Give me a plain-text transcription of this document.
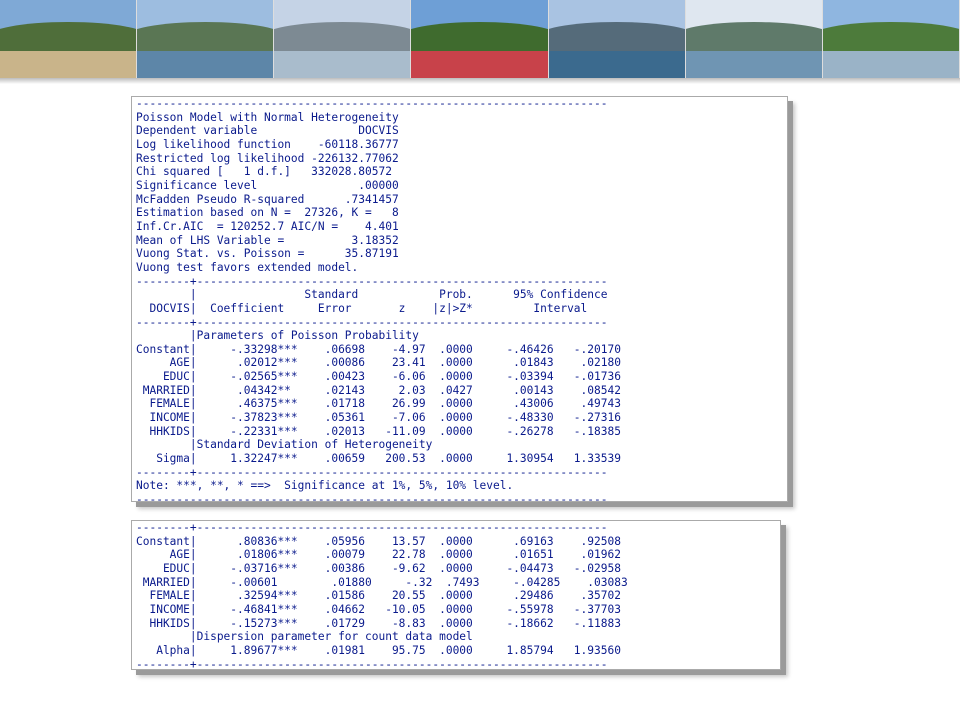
----------------------------------------------------------------------
Poisson Model with Normal Heterogeneity
Dependent variable               DOCVIS
Log likelihood function    -60118.36777
Restricted log likelihood -226132.77062
Chi squared [   1 d.f.]   332028.80572
Significance level               .00000
McFadden Pseudo R-squared      .7341457
Estimation based on N =  27326, K =   8
Inf.Cr.AIC  = 120252.7 AIC/N =    4.401
Mean of LHS Variable =          3.18352
Vuong Stat. vs. Poisson =      35.87191
Vuong test favors extended model.
--------+-------------------------------------------------------------
|                Standard            Prob.      95% Confidence
DOCVIS|  Coefficient     Error       z    |z|>Z*         Interval
--------+-------------------------------------------------------------
|Parameters of Poisson Probability
Constant|     -.33298***    .06698    -4.97  .0000     -.46426   -.20170
AGE|      .02012***    .00086    23.41  .0000      .01843    .02180
EDUC|     -.02565***    .00423    -6.06  .0000     -.03394   -.01736
MARRIED|      .04342**     .02143     2.03  .0427      .00143    .08542
FEMALE|      .46375***    .01718    26.99  .0000      .43006    .49743
INCOME|     -.37823***    .05361    -7.06  .0000     -.48330   -.27316
HHKIDS|     -.22331***    .02013   -11.09  .0000     -.26278   -.18385
|Standard Deviation of Heterogeneity
Sigma|     1.32247***    .00659   200.53  .0000     1.30954   1.33539
--------+-------------------------------------------------------------
Note: ***, **, * ==>  Significance at 1%, 5%, 10% level.
----------------------------------------------------------------------
--------+-------------------------------------------------------------
Constant|      .80836***    .05956    13.57  .0000      .69163    .92508
AGE|      .01806***    .00079    22.78  .0000      .01651    .01962
EDUC|     -.03716***    .00386    -9.62  .0000     -.04473   -.02958
MARRIED|     -.00601        .01880     -.32  .7493     -.04285    .03083
FEMALE|      .32594***    .01586    20.55  .0000      .29486    .35702
INCOME|     -.46841***    .04662   -10.05  .0000     -.55978   -.37703
HHKIDS|     -.15273***    .01729    -8.83  .0000     -.18662   -.11883
|Dispersion parameter for count data model
Alpha|     1.89677***    .01981    95.75  .0000     1.85794   1.93560
--------+-------------------------------------------------------------
